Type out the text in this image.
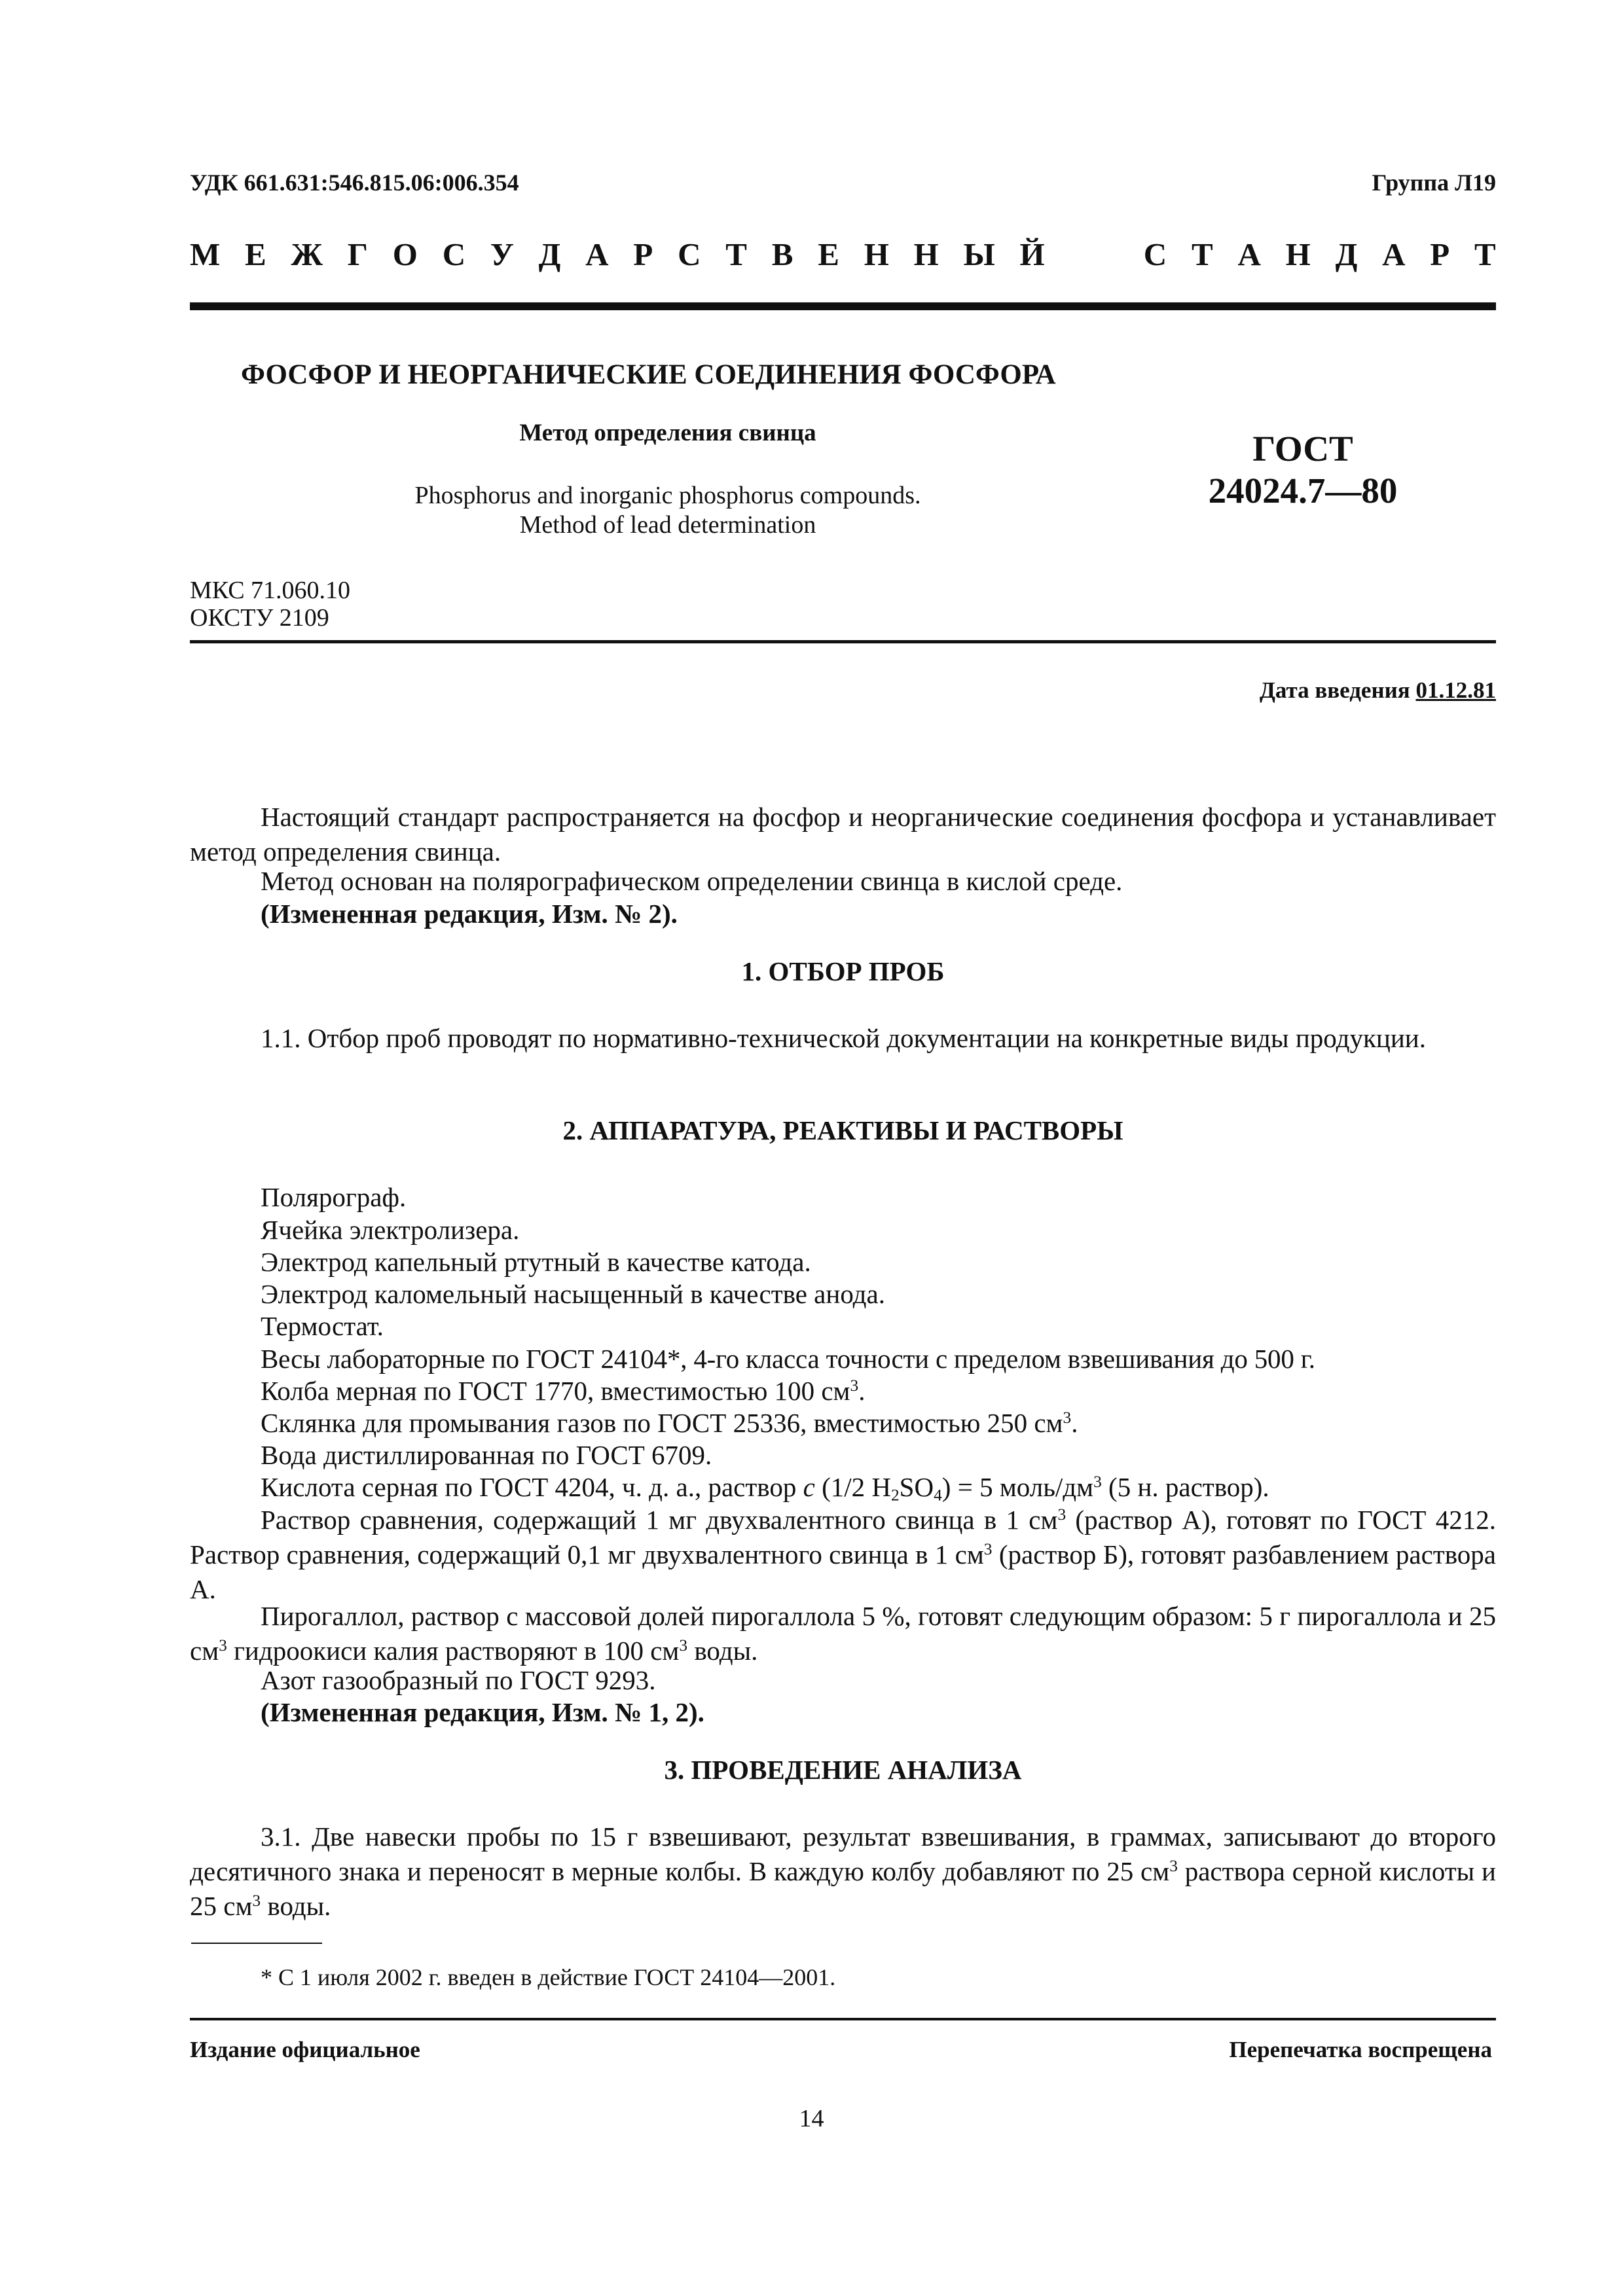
УДК 661.631:546.815.06:006.354	Группа Л19
М Е Ж Г О С У Д А Р С Т В Е Н Н Ы Й	С Т А Н Д А Р Т
ФОСФОР И НЕОРГАНИЧЕСКИЕ СОЕДИНЕНИЯ ФОСФОРА
Метод определения свинца
Phosphorus and inorganic phosphorus compounds.
Method of lead determination
ГОСТ
24024.7—80
МКС 71.060.10
ОКСТУ 2109
Дата введения 01.12.81
Настоящий стандарт распространяется на фосфор и неорганические соединения фосфора и устанавливает метод определения свинца.
Метод основан на полярографическом определении свинца в кислой среде.
(Измененная редакция, Изм. № 2).
1. ОТБОР ПРОБ
1.1. Отбор проб проводят по нормативно-технической документации на конкретные виды продукции.
2. АППАРАТУРА, РЕАКТИВЫ И РАСТВОРЫ
Полярограф.
Ячейка электролизера.
Электрод капельный ртутный в качестве катода.
Электрод каломельный насыщенный в качестве анода.
Термостат.
Весы лабораторные по ГОСТ 24104*, 4-го класса точности с пределом взвешивания до 500 г.
Колба мерная по ГОСТ 1770, вместимостью 100 $см^3$.
Склянка для промывания газов по ГОСТ 25336, вместимостью 250 $см^3$.
Вода дистиллированная по ГОСТ 6709.
Кислота серная по ГОСТ 4204, ч. д. а., раствор c (1/2 $H_2SO_4) = 5$ моль/$дм^3$ (5 н. раствор).
Раствор сравнения, содержащий 1 мг двухвалентного свинца в 1 $см^3$ (раствор А), готовят по ГОСТ 4212. Раствор сравнения, содержащий 0,1 мг двухвалентного свинца в 1 $см^3$ (раствор Б), готовят разбавлением раствора А.
Пирогаллол, раствор с массовой долей пирогаллола 5 %, готовят следующим образом: 5 г пирогаллола и 25 $см^3$ гидроокиси калия растворяют в 100 $см^3$ воды.
Азот газообразный по ГОСТ 9293.
(Измененная редакция, Изм. № 1, 2).
3. ПРОВЕДЕНИЕ АНАЛИЗА
3.1. Две навески пробы по 15 г взвешивают, результат взвешивания, в граммах, записывают до второго десятичного знака и переносят в мерные колбы. В каждую колбу добавляют по 25 $см^3$ раствора серной кислоты и 25 $см^3$ воды.
* С 1 июля 2002 г. введен в действие ГОСТ 24104—2001.
Издание официальное	Перепечатка воспрещена
14
